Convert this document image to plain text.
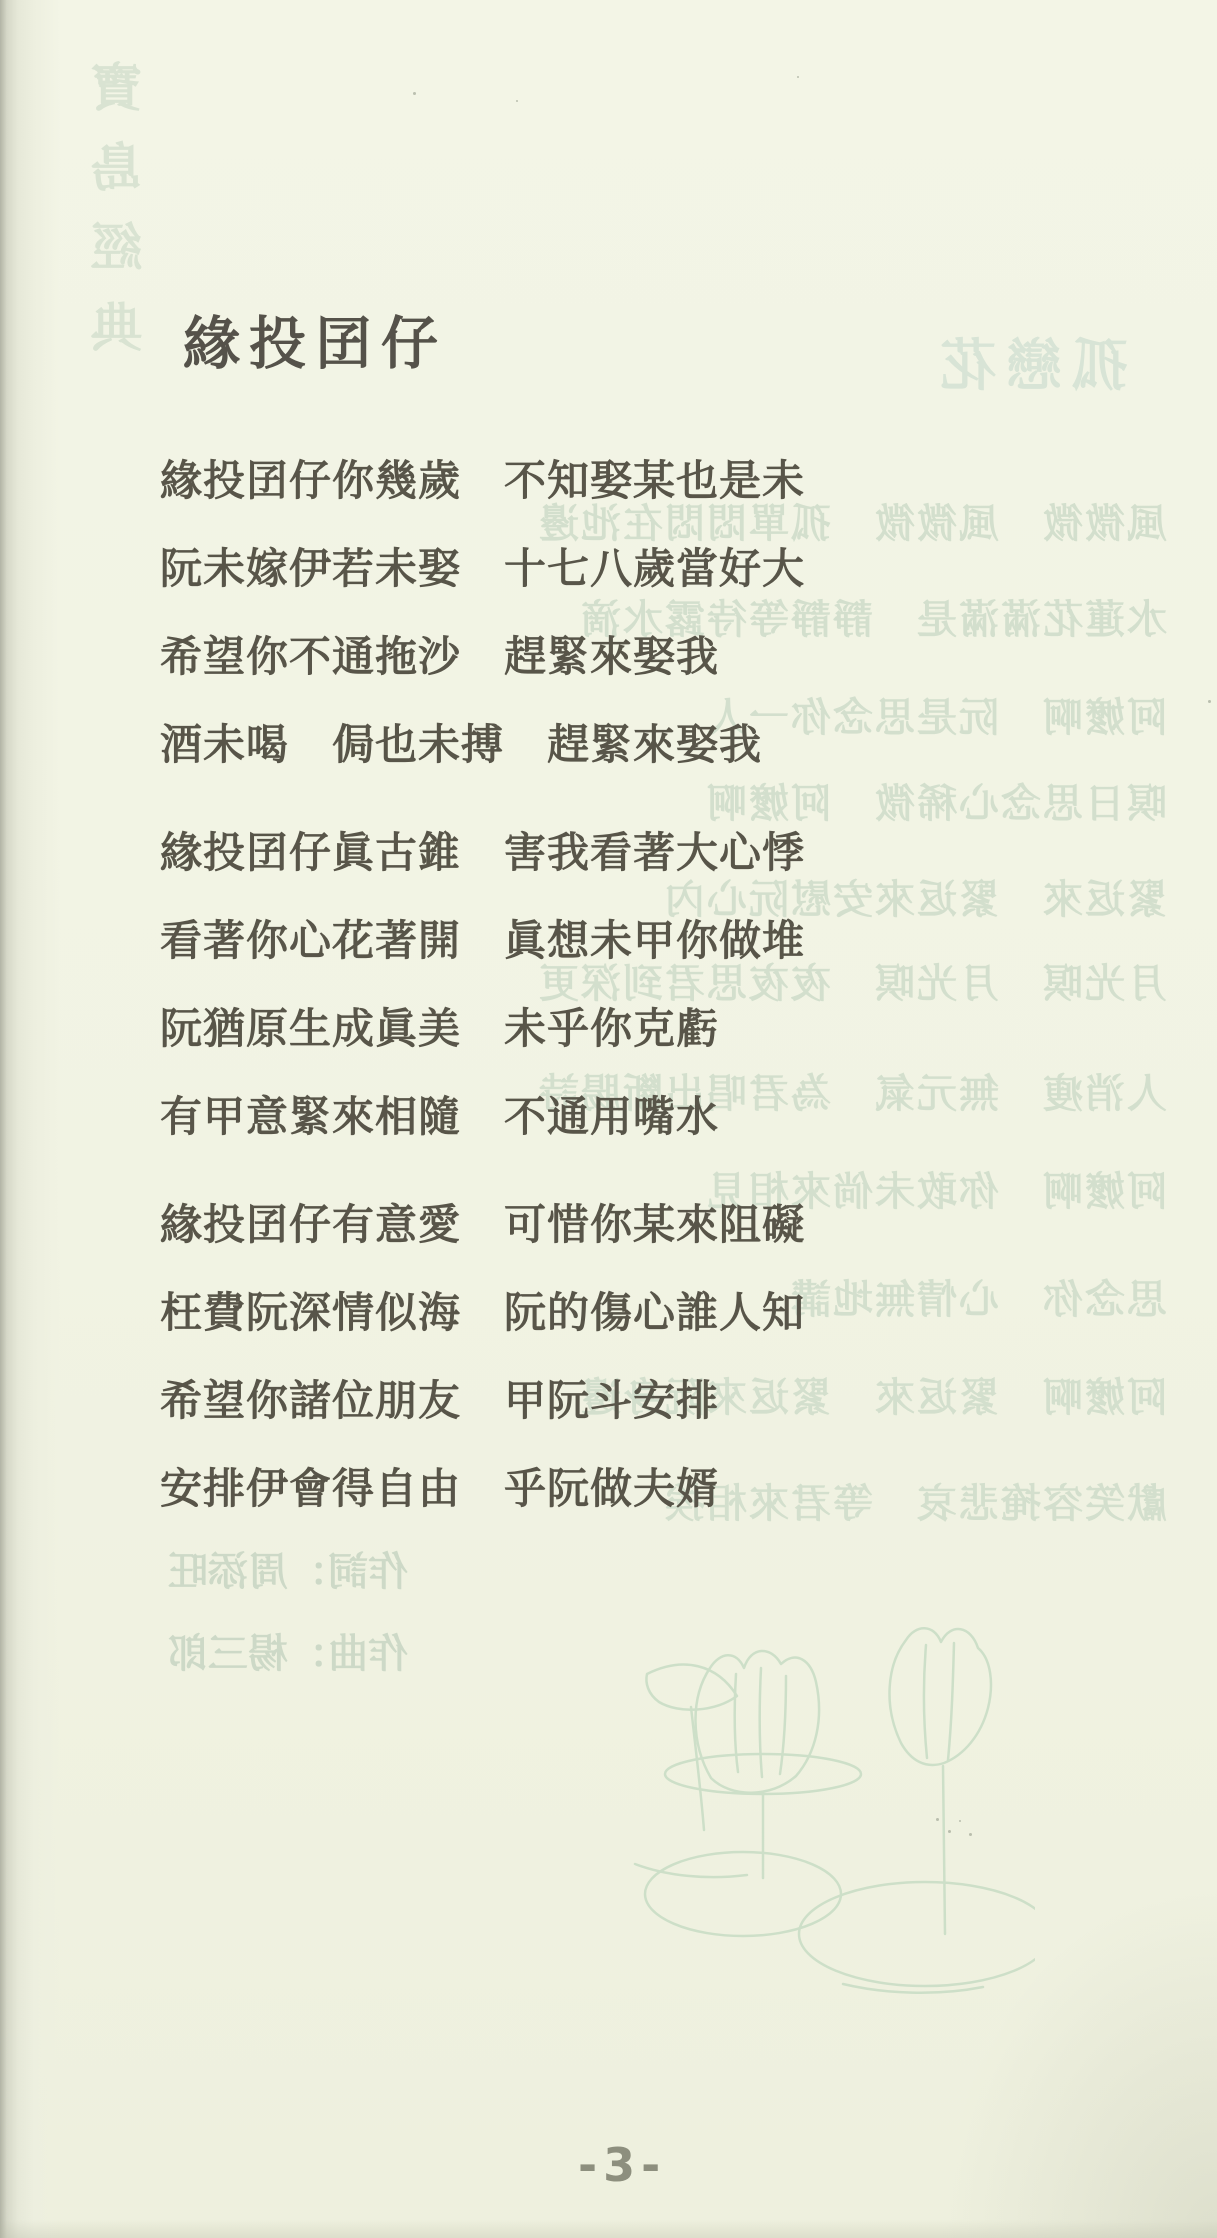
寶島經典	孤戀花
風微微　風微微　孤單悶悶在池邊
水蓮花滿滿是　靜靜等待露水滴
阿嬤啊　阮是思念你一人
暝日思念心稀微　阿嬤啊
緊返來　緊返來安慰阮心內
月光暝　月光暝　夜夜思君到深更
人消瘦　無元氣　為君唱出斷腸詩
阿嬤啊　你敢未倘來相見
思念你　心情無地講
阿嬤啊　緊返來　緊返來阮身邊
獻笑容掩悲哀　等君來相挨
作詞：周添旺
作曲：楊三郎
緣投囝仔
緣投囝仔你幾歲　不知娶某也是未
阮未嫁伊若未娶　十七八歲當好大
希望你不通拖沙　趕緊來娶我
酒未喝　侷也未搏　趕緊來娶我
緣投囝仔眞古錐　害我看著大心悸
看著你心花著開　眞想未甲你做堆
阮猶原生成眞美　未乎你克虧
有甲意緊來相隨　不通用嘴水
緣投囝仔有意愛　可惜你某來阻礙
枉費阮深情似海　阮的傷心誰人知
希望你諸位朋友　甲阮斗安排
安排伊會得自由　乎阮做夫婿
-3-
